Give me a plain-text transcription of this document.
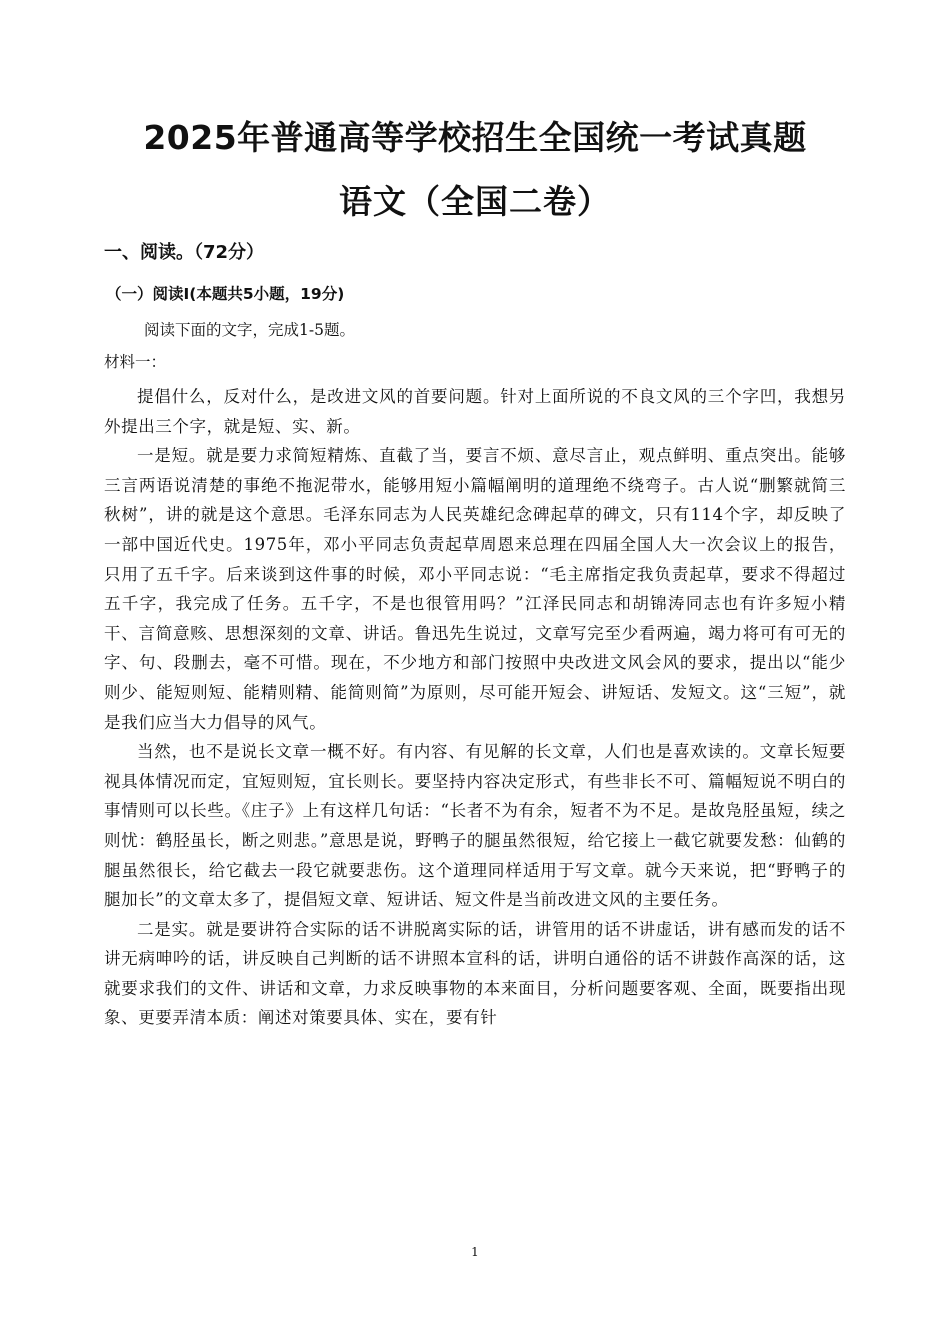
2025年普通高等学校招生全国统一考试真题
语文（全国二卷）
一、阅读。（72分）
（一）阅读Ⅰ(本题共5小题，19分)

阅读下面的文字，完成1-5题。

材料一：

提倡什么，反对什么，是改进文风的首要问题。针对上面所说的不良文风的三个字凹，我想另外提出三个字，就是短、实、新。

一是短。就是要力求简短精炼、直截了当，要言不烦、意尽言止，观点鲜明、重点突出。能够三言两语说清楚的事绝不拖泥带水，能够用短小篇幅阐明的道理绝不绕弯子。古人说“删繁就简三秋树”，讲的就是这个意思。毛泽东同志为人民英雄纪念碑起草的碑文，只有114个字，却反映了一部中国近代史。1975年，邓小平同志负责起草周恩来总理在四届全国人大一次会议上的报告，只用了五千字。后来谈到这件事的时候，邓小平同志说：“毛主席指定我负责起草，要求不得超过五千字，我完成了任务。五千字，不是也很管用吗？”江泽民同志和胡锦涛同志也有许多短小精干、言简意赅、思想深刻的文章、讲话。鲁迅先生说过，文章写完至少看两遍，竭力将可有可无的字、句、段删去，毫不可惜。现在，不少地方和部门按照中央改进文风会风的要求，提出以“能少则少、能短则短、能精则精、能简则简”为原则，尽可能开短会、讲短话、发短文。这“三短”，就是我们应当大力倡导的风气。

当然，也不是说长文章一概不好。有内容、有见解的长文章，人们也是喜欢读的。文章长短要视具体情况而定，宜短则短，宜长则长。要坚持内容决定形式，有些非长不可、篇幅短说不明白的事情则可以长些。《庄子》上有这样几句话：“长者不为有余，短者不为不足。是故凫胫虽短，续之则忧：鹤胫虽长，断之则悲。”意思是说，野鸭子的腿虽然很短，给它接上一截它就要发愁：仙鹤的腿虽然很长，给它截去一段它就要悲伤。这个道理同样适用于写文章。就今天来说，把“野鸭子的腿加长”的文章太多了，提倡短文章、短讲话、短文件是当前改进文风的主要任务。

二是实。就是要讲符合实际的话不讲脱离实际的话，讲管用的话不讲虚话，讲有感而发的话不讲无病呻吟的话，讲反映自己判断的话不讲照本宣科的话，讲明白通俗的话不讲鼓作高深的话，这就要求我们的文件、讲话和文章，力求反映事物的本来面目，分析问题要客观、全面，既要指出现象、更要弄清本质：阐述对策要具体、实在，要有针

1
